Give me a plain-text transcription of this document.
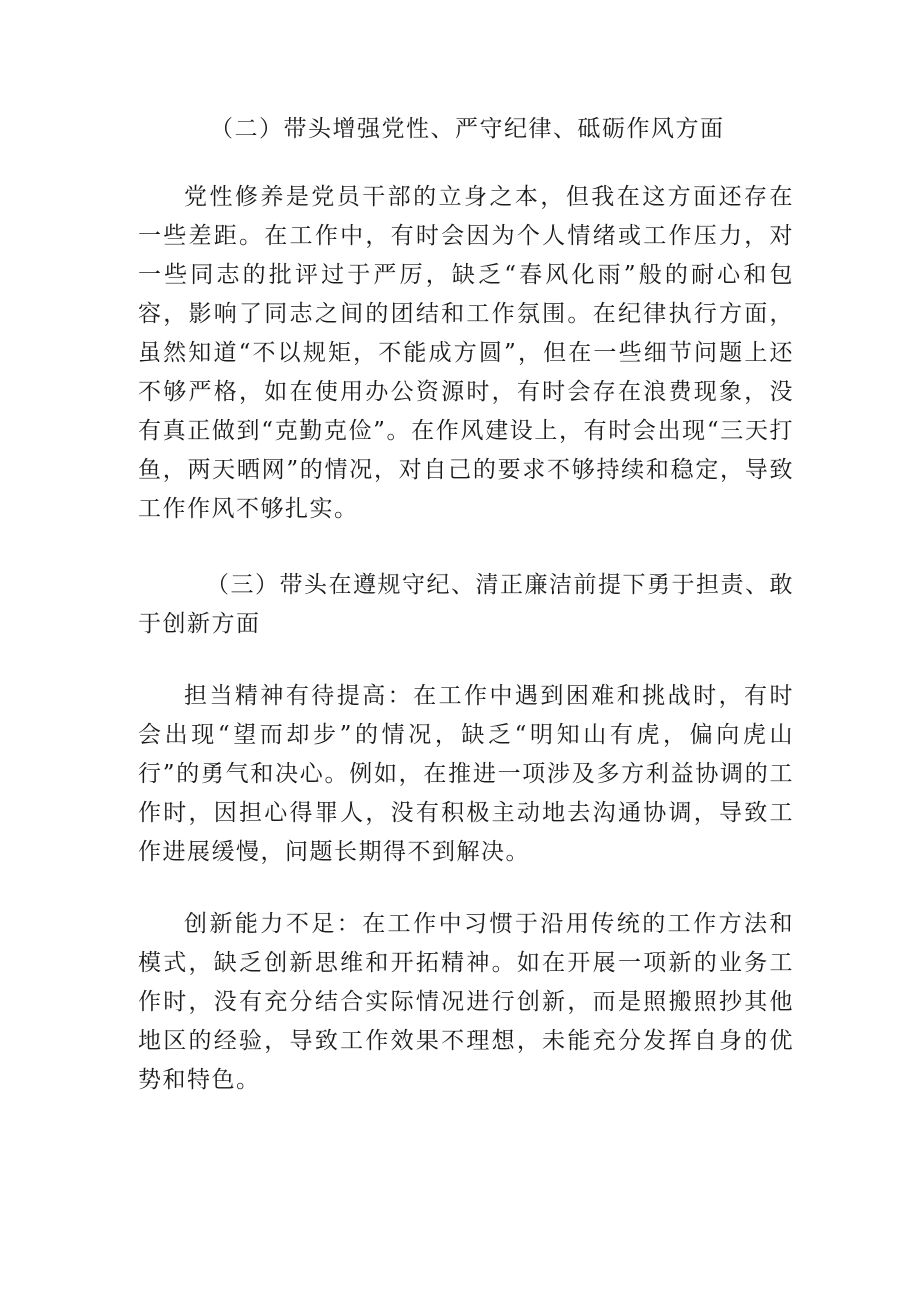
（二）带头增强党性、严守纪律、砥砺作风方面

党性修养是党员干部的立身之本，但我在这方面还存在一些差距。在工作中，有时会因为个人情绪或工作压力，对一些同志的批评过于严厉，缺乏“春风化雨”般的耐心和包容，影响了同志之间的团结和工作氛围。在纪律执行方面，虽然知道“不以规矩，不能成方圆”，但在一些细节问题上还不够严格，如在使用办公资源时，有时会存在浪费现象，没有真正做到“克勤克俭”。在作风建设上，有时会出现“三天打鱼，两天晒网”的情况，对自己的要求不够持续和稳定，导致工作作风不够扎实。

（三）带头在遵规守纪、清正廉洁前提下勇于担责、敢于创新方面

担当精神有待提高：在工作中遇到困难和挑战时，有时会出现“望而却步”的情况，缺乏“明知山有虎，偏向虎山行”的勇气和决心。例如，在推进一项涉及多方利益协调的工作时，因担心得罪人，没有积极主动地去沟通协调，导致工作进展缓慢，问题长期得不到解决。

创新能力不足：在工作中习惯于沿用传统的工作方法和模式，缺乏创新思维和开拓精神。如在开展一项新的业务工作时，没有充分结合实际情况进行创新，而是照搬照抄其他地区的经验，导致工作效果不理想，未能充分发挥自身的优势和特色。
